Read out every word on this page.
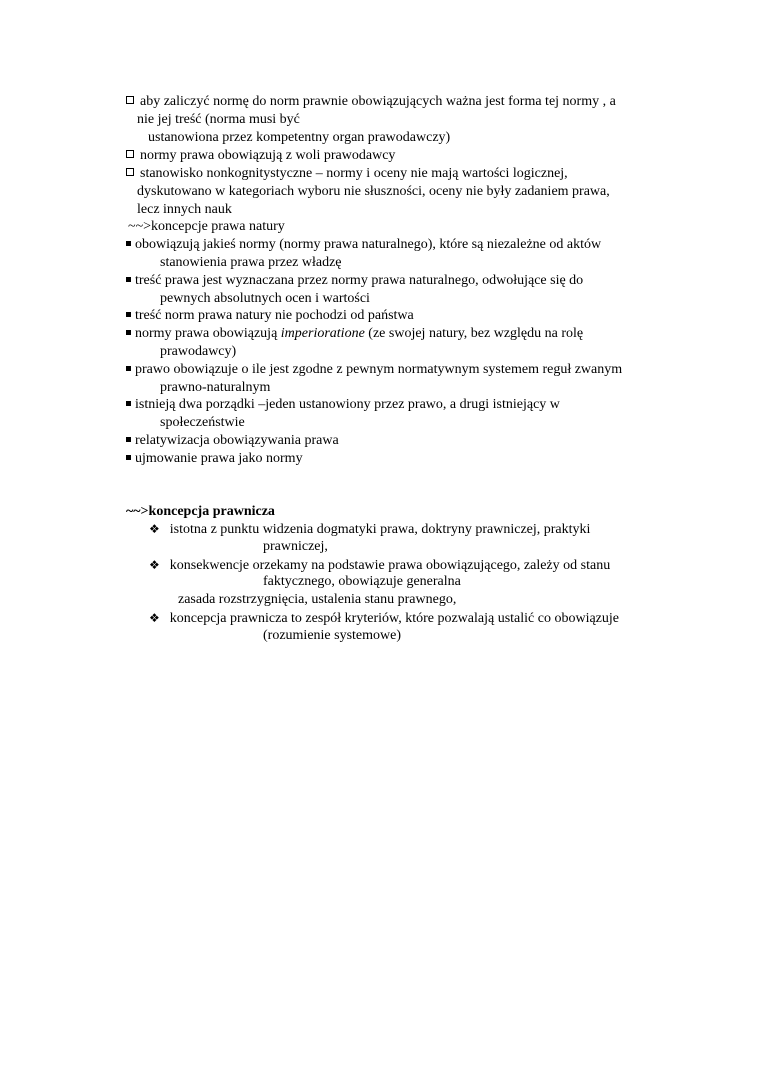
aby zaliczyć normę do norm prawnie obowiązujących ważna jest forma tej normy , a
nie jej treść (norma musi być
ustanowiona przez kompetentny organ prawodawczy)
normy prawa obowiązują z woli prawodawcy
stanowisko nonkognitystyczne – normy i oceny nie mają wartości logicznej,
dyskutowano w kategoriach wyboru nie słuszności, oceny nie były zadaniem prawa,
lecz innych nauk
~~>koncepcje prawa natury
obowiązują jakieś normy (normy prawa naturalnego), które są niezależne od aktów
stanowienia prawa przez władzę
treść prawa jest wyznaczana przez normy prawa naturalnego, odwołujące się do
pewnych absolutnych ocen i wartości
treść norm prawa natury nie pochodzi od państwa
normy prawa obowiązują imperioratione (ze swojej natury, bez względu na rolę
prawodawcy)
prawo obowiązuje o ile jest zgodne z pewnym normatywnym systemem reguł zwanym
prawno-naturalnym
istnieją dwa porządki –jeden ustanowiony przez prawo, a drugi istniejący w
społeczeństwie
relatywizacja obowiązywania prawa
ujmowanie prawa jako normy
~~>koncepcja prawnicza
❖ istotna z punktu widzenia dogmatyki prawa, doktryny prawniczej, praktyki
prawniczej,
❖ konsekwencje orzekamy na podstawie prawa obowiązującego, zależy od stanu
faktycznego, obowiązuje generalna
zasada rozstrzygnięcia, ustalenia stanu prawnego,
❖ koncepcja prawnicza to zespół kryteriów, które pozwalają ustalić co obowiązuje
(rozumienie systemowe)
